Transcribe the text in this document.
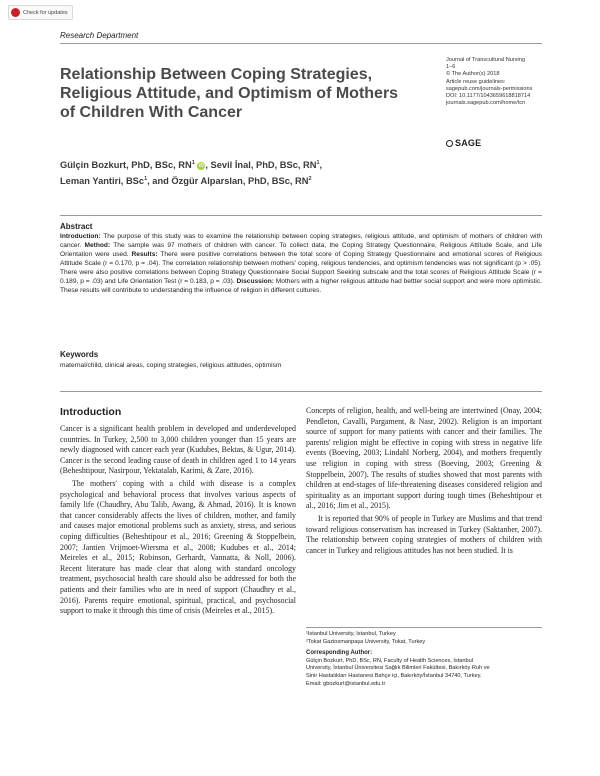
Check for updates
Research Department
Relationship Between Coping Strategies, Religious Attitude, and Optimism of Mothers of Children With Cancer
Journal of Transcultural Nursing
1–6
© The Author(s) 2018
Article reuse guidelines:
sagepub.com/journals-permissions
DOI: 10.1177/1043659618818714
journals.sagepub.com/home/tcn
SAGE
Gülçin Bozkurt, PhD, BSc, $RN^1$ iD , Sevil İnal, PhD, BSc, $RN^1$,
Leman Yantiri, BSc$^1$, and Özgür Alparslan, PhD, BSc, $RN^2$
Abstract

Introduction: The purpose of this study was to examine the relationship between coping strategies, religious attitude, and optimism of mothers of children with cancer. Method: The sample was 97 mothers of children with cancer. To collect data, the Coping Strategy Questionnaire, Religious Attitude Scale, and Life Orientation were used. Results: There were positive correlations between the total score of Coping Strategy Questionnaire and emotional scores of Religious Attitude Scale (r = 0.170, p = .04). The correlation relationship between mothers' coping, religious tendencies, and optimism tendencies was not significant (p > .05). There were also positive correlations between Coping Strategy Questionnaire Social Support Seeking subscale and the total scores of Religious Attitude Scale (r = 0.189, p = .03) and Life Orientation Test (r = 0.183, p = .03). Discussion: Mothers with a higher religious attitude had bettter social support and were more optimistic. These results will contribute to understanding the influence of religion in different cultures.

Keywords

maternal/child, clinical areas, coping strategies, religious attitudes, optimism

Introduction

Cancer is a significant health problem in developed and underdeveloped countries. In Turkey, 2,500 to 3,000 children younger than 15 years are newly diagnosed with cancer each year (Kudubes, Bektas, & Ugur, 2014). Cancer is the second leading cause of death in children aged 1 to 14 years (Beheshtipour, Nasirpour, Yektatalab, Karimi, & Zare, 2016).

The mothers' coping with a child with disease is a complex psychological and behavioral process that involves various aspects of family life (Chaudhry, Abu Talib, Awang, & Ahmad, 2016). It is known that cancer considerably affects the lives of children, mother, and family and causes major emotional problems such as anxiety, stress, and serious coping difficulties (Beheshtipour et al., 2016; Greening & Stoppelbein, 2007; Jantien Vrijmoet-Wiersma et al., 2008; Kudubes et al., 2014; Meireles et al., 2015; Robinson, Gerhardt, Vannatta, & Noll, 2006). Recent literature has made clear that along with standard oncology treatment, psychosocial health care should also be addressed for both the patients and their families who are in need of support (Chaudhry et al., 2016). Parents require emotional, spiritual, practical, and psychosocial support to make it through this time of crisis (Meireles et al., 2015).

Concepts of religion, health, and well-being are intertwined (Onay, 2004; Pendleton, Cavalli, Pargament, & Nasr, 2002). Religion is an important source of support for many patients with cancer and their families. The parents' religion might be effective in coping with stress in negative life events (Boeving, 2003; Lindahl Norberg, 2004), and mothers frequently use religion in coping with stress (Boeving, 2003; Greening & Stoppelbein, 2007). The results of studies showed that most parents with children at end-stages of life-threatening diseases considered religion and spirituality as an important support during tough times (Beheshtipour et al., 2016; Jim et al., 2015).

It is reported that 90% of people in Turkey are Muslims and that trend toward religious conservatism has increased in Turkey (Saktanber, 2007). The relationship between coping strategies of mothers of children with cancer in Turkey and religious attitudes has not been studied. It is

¹Istanbul University, Istanbul, Turkey
²Tokat Gaziosmanpaşa University, Tokat, Turkey
Corresponding Author:
Gülçin Bozkurt, PhD, BSc, RN, Faculty of Health Sciences, Istanbul
University, İstanbul Üniversitesi Sağlık Bilimleri Fakültesi, Bakırköy Ruh ve
Sinir Hastalıkları Hastanesi Bahçe içi, Bakırköy/İstanbul 34740, Turkey.
Email: gbozkurt@istanbul.edu.tr
